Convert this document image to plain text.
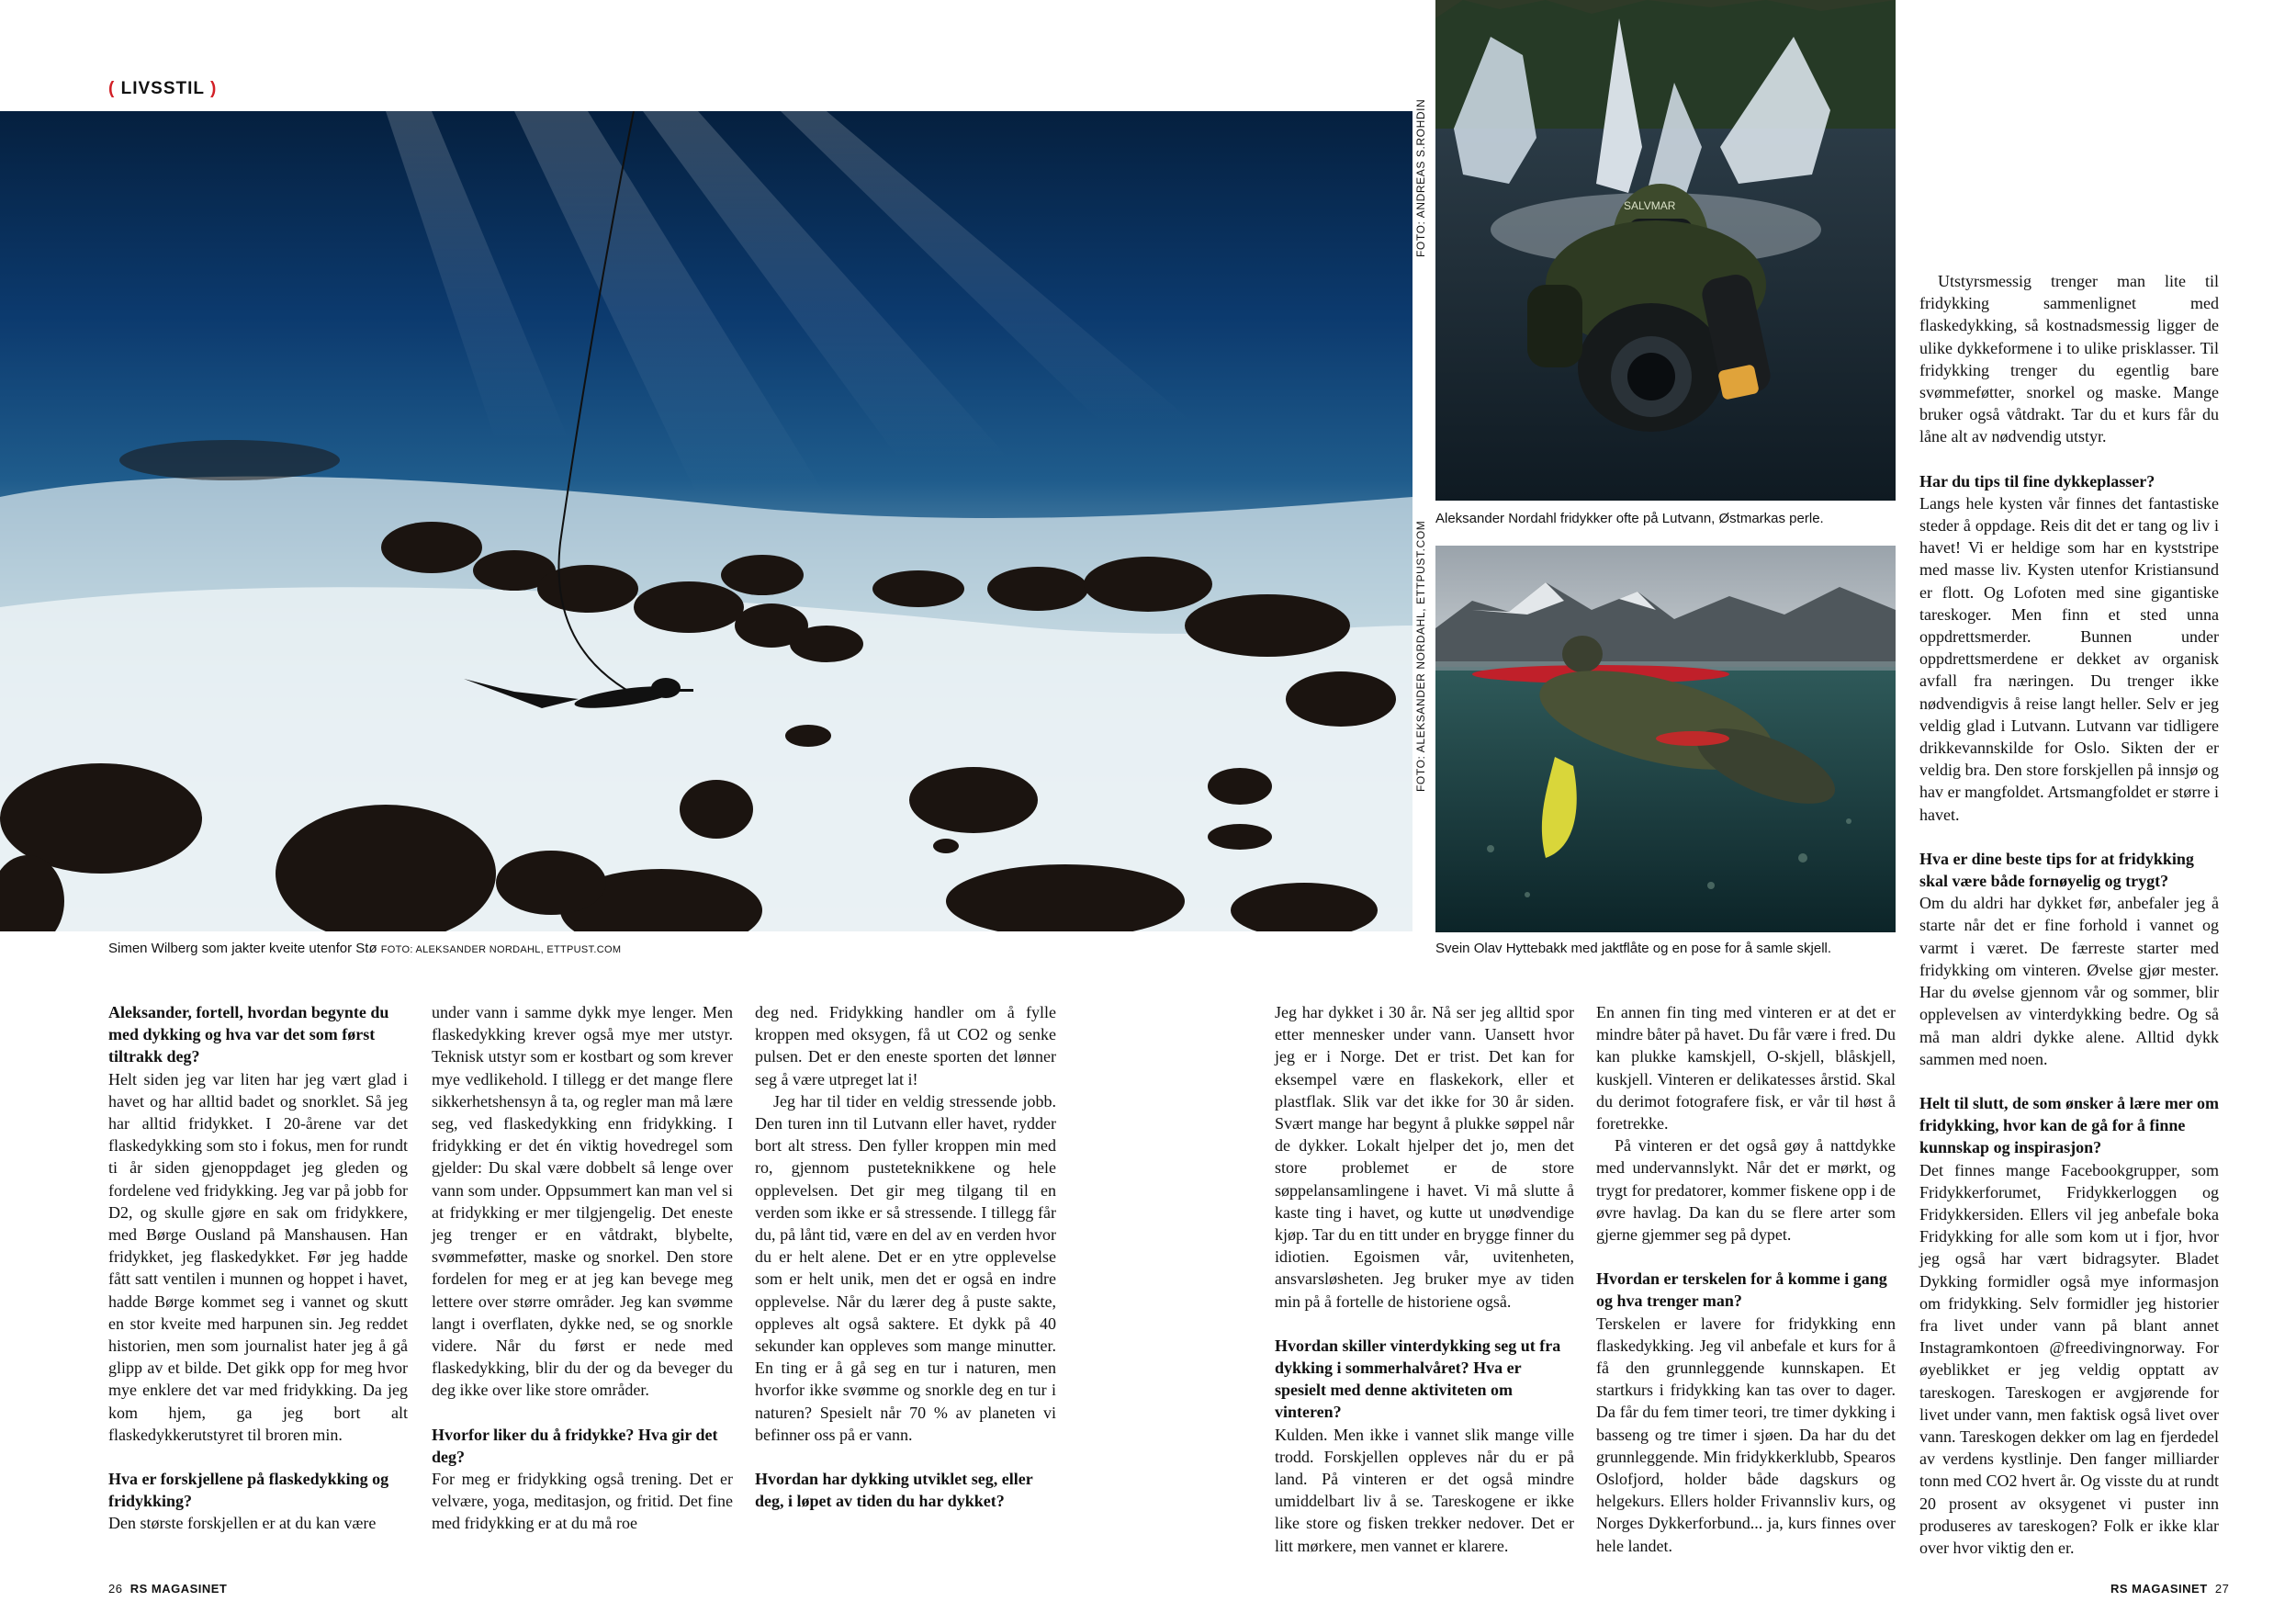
( LIVSSTIL )
Simen Wilberg som jakter kveite utenfor Stø FOTO: ALEKSANDER NORDAHL, ETTPUST.COM
FOTO: ANDREAS S.ROHDIN	SALVMAR
Aleksander Nordahl fridykker ofte på Lutvann, Østmarkas perle.
FOTO: ALEKSANDER NORDAHL, ETTPUST.COM
Svein Olav Hyttebakk med jaktflåte og en pose for å samle skjell.

Aleksander, fortell, hvordan begynte du med dykking og hva var det som først tiltrakk deg?

Helt siden jeg var liten har jeg vært glad i havet og har alltid badet og snorklet. Så jeg har alltid fridykket. I 20-årene var det flaskedykking som sto i fokus, men for rundt ti år siden gjenoppdaget jeg gleden og fordelene ved fridykking. Jeg var på jobb for D2, og skulle gjøre en sak om fridykkere, med Børge Ousland på Manshausen. Han fridykket, jeg flaskedykket. Før jeg hadde fått satt ventilen i munnen og hoppet i havet, hadde Børge kommet seg i vannet og skutt en stor kveite med harpunen sin. Jeg reddet historien, men som journalist hater jeg å gå glipp av et bilde. Det gikk opp for meg hvor mye enklere det var med fridykking. Da jeg kom hjem, ga jeg bort alt flaskedykkerutstyret til broren min.

Hva er forskjellene på flaskedykking og fridykking?

Den største forskjellen er at du kan være

under vann i samme dykk mye lenger. Men flaskedykking krever også mye mer utstyr. Teknisk utstyr som er kostbart og som krever mye vedlikehold. I tillegg er det mange flere sikkerhetshensyn å ta, og regler man må lære seg, ved flaskedykking enn fridykking. I fridykking er det én viktig hovedregel som gjelder: Du skal være dobbelt så lenge over vann som under. Oppsummert kan man vel si at fridykking er mer tilgjengelig. Det eneste jeg trenger er en våtdrakt, blybelte, svømmeføtter, maske og snorkel. Den store fordelen for meg er at jeg kan bevege meg lettere over større områder. Jeg kan svømme langt i overflaten, dykke ned, se og snorkle videre. Når du først er nede med flaskedykking, blir du der og da beveger du deg ikke over like store områder.

Hvorfor liker du å fridykke? Hva gir det deg?

For meg er fridykking også trening. Det er velvære, yoga, meditasjon, og fritid. Det fine med fridykking er at du må roe

deg ned. Fridykking handler om å fylle kroppen med oksygen, få ut CO2 og senke pulsen. Det er den eneste sporten det lønner seg å være utpreget lat i!

Jeg har til tider en veldig stressende jobb. Den turen inn til Lutvann eller havet, rydder bort alt stress. Den fyller kroppen min med ro, gjennom pusteteknikkene og hele opplevelsen. Det gir meg tilgang til en verden som ikke er så stressende. I tillegg får du, på lånt tid, være en del av en verden hvor du er helt alene. Det er en ytre opplevelse som er helt unik, men det er også en indre opplevelse. Når du lærer deg å puste sakte, oppleves alt også saktere. Et dykk på 40 sekunder kan oppleves som mange minutter. En ting er å gå seg en tur i naturen, men hvorfor ikke svømme og snorkle deg en tur i naturen? Spesielt når 70 % av planeten vi befinner oss på er vann.

Hvordan har dykking utviklet seg, eller deg, i løpet av tiden du har dykket?

Jeg har dykket i 30 år. Nå ser jeg alltid spor etter mennesker under vann. Uansett hvor jeg er i Norge. Det er trist. Det kan for eksempel være en flaskekork, eller et plastflak. Slik var det ikke for 30 år siden. Svært mange har begynt å plukke søppel når de dykker. Lokalt hjelper det jo, men det store problemet er de store søppelansamlingene i havet. Vi må slutte å kaste ting i havet, og kutte ut unødvendige kjøp. Tar du en titt under en brygge finner du idiotien. Egoismen vår, uvitenheten, ansvarsløsheten. Jeg bruker mye av tiden min på å fortelle de historiene også.

Hvordan skiller vinterdykking seg ut fra dykking i sommerhalvåret? Hva er spesielt med denne aktiviteten om vinteren?

Kulden. Men ikke i vannet slik mange ville trodd. Forskjellen oppleves når du er på land. På vinteren er det også mindre umiddelbart liv å se. Tareskogene er ikke like store og fisken trekker nedover. Det er litt mørkere, men vannet er klarere.

En annen fin ting med vinteren er at det er mindre båter på havet. Du får være i fred. Du kan plukke kamskjell, O-skjell, blåskjell, kuskjell. Vinteren er delikatesses årstid. Skal du derimot fotografere fisk, er vår til høst å foretrekke.

På vinteren er det også gøy å nattdykke med undervannslykt. Når det er mørkt, og trygt for predatorer, kommer fiskene opp i de øvre havlag. Da kan du se flere arter som gjerne gjemmer seg på dypet.

Hvordan er terskelen for å komme i gang og hva trenger man?

Terskelen er lavere for fridykking enn flaskedykking. Jeg vil anbefale et kurs for å få den grunnleggende kunnskapen. Et startkurs i fridykking kan tas over to dager. Da får du fem timer teori, tre timer dykking i basseng og tre timer i sjøen. Da har du det grunnleggende. Min fridykkerklubb, Spearos Oslofjord, holder både dagskurs og helgekurs. Ellers holder Frivannsliv kurs, og Norges Dykkerforbund... ja, kurs finnes over hele landet.

Utstyrsmessig trenger man lite til fridykking sammenlignet med flaskedykking, så kostnadsmessig ligger de ulike dykkeformene i to ulike prisklasser. Til fridykking trenger du egentlig bare svømmeføtter, snorkel og maske. Mange bruker også våtdrakt. Tar du et kurs får du låne alt av nødvendig utstyr.

Har du tips til fine dykkeplasser?

Langs hele kysten vår finnes det fantastiske steder å oppdage. Reis dit det er tang og liv i havet! Vi er heldige som har en kyststripe med masse liv. Kysten utenfor Kristiansund er flott. Og Lofoten med sine gigantiske tareskoger. Men finn et sted unna oppdrettsmerder. Bunnen under oppdrettsmerdene er dekket av organisk avfall fra næringen. Du trenger ikke nødvendigvis å reise langt heller. Selv er jeg veldig glad i Lutvann. Lutvann var tidligere drikkevannskilde for Oslo. Sikten der er veldig bra. Den store forskjellen på innsjø og hav er mangfoldet. Artsmangfoldet er større i havet.

Hva er dine beste tips for at fridykking skal være både fornøyelig og trygt?

Om du aldri har dykket før, anbefaler jeg å starte når det er fine forhold i vannet og varmt i været. De færreste starter med fridykking om vinteren. Øvelse gjør mester. Har du øvelse gjennom vår og sommer, blir opplevelsen av vinterdykking bedre. Og så må man aldri dykke alene. Alltid dykk sammen med noen.

Helt til slutt, de som ønsker å lære mer om fridykking, hvor kan de gå for å finne kunnskap og inspirasjon?

Det finnes mange Facebookgrupper, som Fridykkerforumet, Fridykkerloggen og Fridykkersiden. Ellers vil jeg anbefale boka Fridykking for alle som kom ut i fjor, hvor jeg også har vært bidragsyter. Bladet Dykking formidler også mye informasjon om fridykking. Selv formidler jeg historier fra livet under vann på blant annet Instagramkontoen @freedivingnorway. For øyeblikket er jeg veldig opptatt av tareskogen. Tareskogen er avgjørende for livet under vann, men faktisk også livet over vann. Tareskogen dekker om lag en fjerdedel av verdens kystlinje. Den fanger milliarder tonn med CO2 hvert år. Og visste du at rundt 20 prosent av oksygenet vi puster inn produseres av tareskogen? Folk er ikke klar over hvor viktig den er.

26 RS MAGASINET	RS MAGASINET 27
